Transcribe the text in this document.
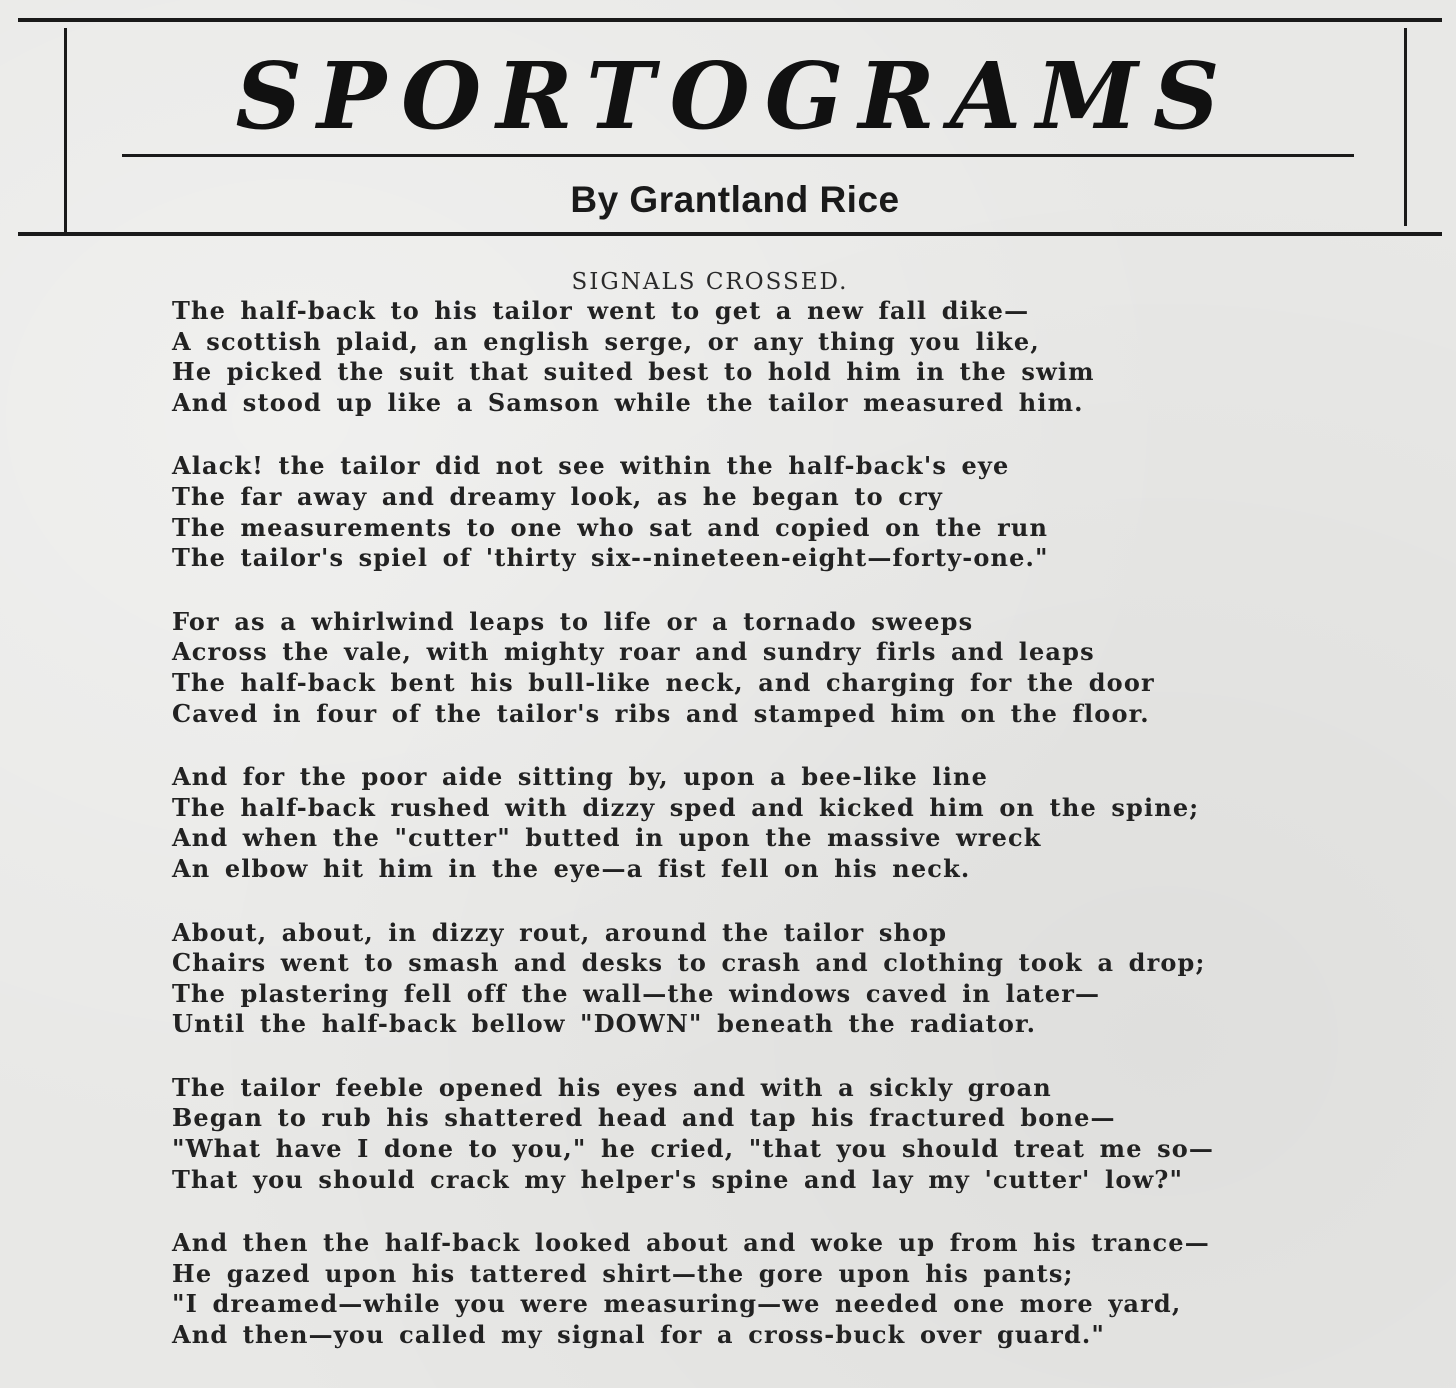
SPORTOGRAMS
By Grantland Rice
SIGNALS CROSSED.
The half-back to his tailor went to get a new fall dike—
A scottish plaid, an english serge, or any thing you like,
He picked the suit that suited best to hold him in the swim
And stood up like a Samson while the tailor measured him.
Alack! the tailor did not see within the half-back's eye
The far away and dreamy look, as he began to cry
The measurements to one who sat and copied on the run
The tailor's spiel of 'thirty six--nineteen-eight—forty-one."
For as a whirlwind leaps to life or a tornado sweeps
Across the vale, with mighty roar and sundry firls and leaps
The half-back bent his bull-like neck, and charging for the door
Caved in four of the tailor's ribs and stamped him on the floor.
And for the poor aide sitting by, upon a bee-like line
The half-back rushed with dizzy sped and kicked him on the spine;
And when the "cutter" butted in upon the massive wreck
An elbow hit him in the eye—a fist fell on his neck.
About, about, in dizzy rout, around the tailor shop
Chairs went to smash and desks to crash and clothing took a drop;
The plastering fell off the wall—the windows caved in later—
Until the half-back bellow "DOWN" beneath the radiator.
The tailor feeble opened his eyes and with a sickly groan
Began to rub his shattered head and tap his fractured bone—
"What have I done to you," he cried, "that you should treat me so—
That you should crack my helper's spine and lay my 'cutter' low?"
And then the half-back looked about and woke up from his trance—
He gazed upon his tattered shirt—the gore upon his pants;
"I dreamed—while you were measuring—we needed one more yard,
And then—you called my signal for a cross-buck over guard."
